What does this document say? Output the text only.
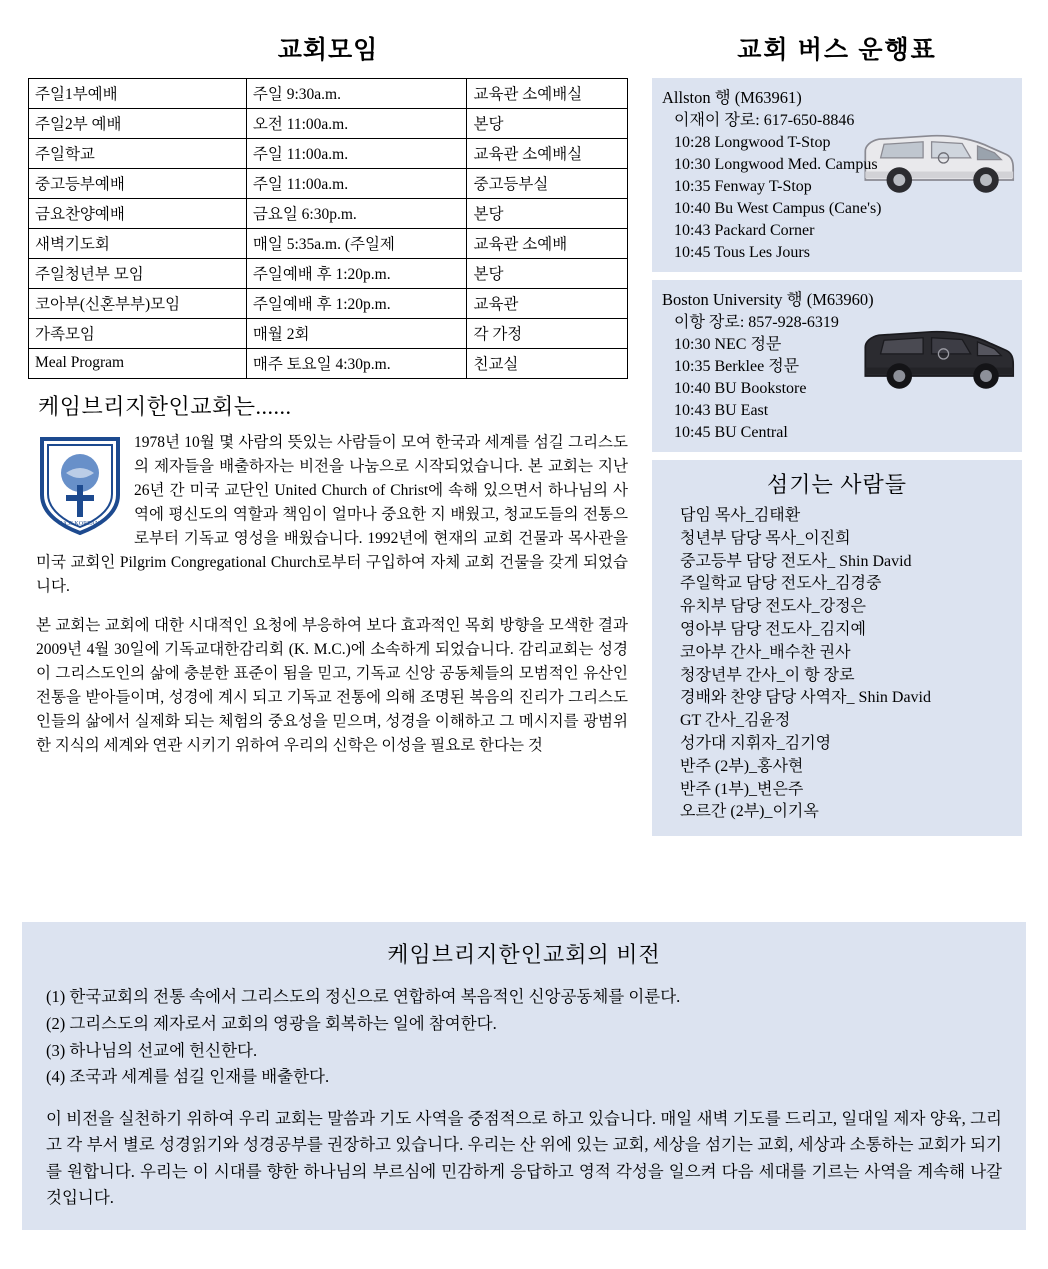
교회모임
주일1부예배	주일 9:30a.m.	교육관 소예배실
주일2부 예배	오전 11:00a.m.	본당
주일학교	주일 11:00a.m.	교육관 소예배실
중고등부예배	주일 11:00a.m.	중고등부실
금요찬양예배	금요일 6:30p.m.	본당
새벽기도회	매일 5:35a.m. (주일제	교육관 소예배
주일청년부 모임	주일예배 후 1:20p.m.	본당
코아부(신혼부부)모임	주일예배 후 1:20p.m.	교육관
가족모임	매월 2회	각 가정
Meal Program	매주 토요일 4:30p.m.	친교실
케임브리지한인교회는......
UCC KOREAN

1978년 10월 몇 사람의 뜻있는 사람들이 모여 한국과 세계를 섬길 그리스도의 제자들을 배출하자는 비전을 나눔으로 시작되었습니다. 본 교회는 지난 26년 간 미국 교단인 United Church of Christ에 속해 있으면서 하나님의 사역에 평신도의 역할과 책임이 얼마나 중요한 지 배웠고, 청교도들의 전통으로부터 기독교 영성을 배웠습니다. 1992년에 현재의 교회 건물과 목사관을 미국 교회인 Pilgrim Congregational Church로부터 구입하여 자체 교회 건물을 갖게 되었습니다.

본 교회는 교회에 대한 시대적인 요청에 부응하여 보다 효과적인 목회 방향을 모색한 결과 2009년 4월 30일에 기독교대한감리회 (K. M.C.)에 소속하게 되었습니다. 감리교회는 성경이 그리스도인의 삶에 충분한 표준이 됨을 믿고, 기독교 신앙 공동체들의 모범적인 유산인 전통을 받아들이며, 성경에 계시 되고 기독교 전통에 의해 조명된 복음의 진리가 그리스도인들의 삶에서 실제화 되는 체험의 중요성을 믿으며, 성경을 이해하고 그 메시지를 광범위한 지식의 세계와 연관 시키기 위하여 우리의 신학은 이성을 필요로 한다는 것

교회 버스 운행표
Allston 행 (M63961)
이재이 장로: 617-650-8846
10:28 Longwood T-Stop
10:30 Longwood Med. Campus
10:35 Fenway T-Stop
10:40 Bu West Campus (Cane's)
10:43 Packard Corner
10:45 Tous Les Jours
Boston University 행 (M63960)
이항 장로: 857-928-6319
10:30 NEC 정문
10:35 Berklee 정문
10:40 BU Bookstore
10:43 BU East
10:45 BU Central
섬기는 사람들
담임 목사_김태환
청년부 담당 목사_이진희
중고등부 담당 전도사_ Shin David
주일학교 담당 전도사_김경중
유치부 담당 전도사_강정은
영아부 담당 전도사_김지예
코아부 간사_배수찬 권사
청장년부 간사_이 항 장로
경배와 찬양 담당 사역자_ Shin David
GT 간사_김윤정
성가대 지휘자_김기영
반주 (2부)_홍사현
반주 (1부)_변은주
오르간 (2부)_이기옥
케임브리지한인교회의 비전
(1) 한국교회의 전통 속에서 그리스도의 정신으로 연합하여 복음적인 신앙공동체를 이룬다.
(2) 그리스도의 제자로서 교회의 영광을 회복하는 일에 참여한다.
(3) 하나님의 선교에 헌신한다.
(4) 조국과 세계를 섬길 인재를 배출한다.
이 비전을 실천하기 위하여 우리 교회는 말씀과 기도 사역을 중점적으로 하고 있습니다. 매일 새벽 기도를 드리고, 일대일 제자 양육, 그리고 각 부서 별로 성경읽기와 성경공부를 권장하고 있습니다. 우리는 산 위에 있는 교회, 세상을 섬기는 교회, 세상과 소통하는 교회가 되기를 원합니다. 우리는 이 시대를 향한 하나님의 부르심에 민감하게 응답하고 영적 각성을 일으켜 다음 세대를 기르는 사역을 계속해 나갈 것입니다.
